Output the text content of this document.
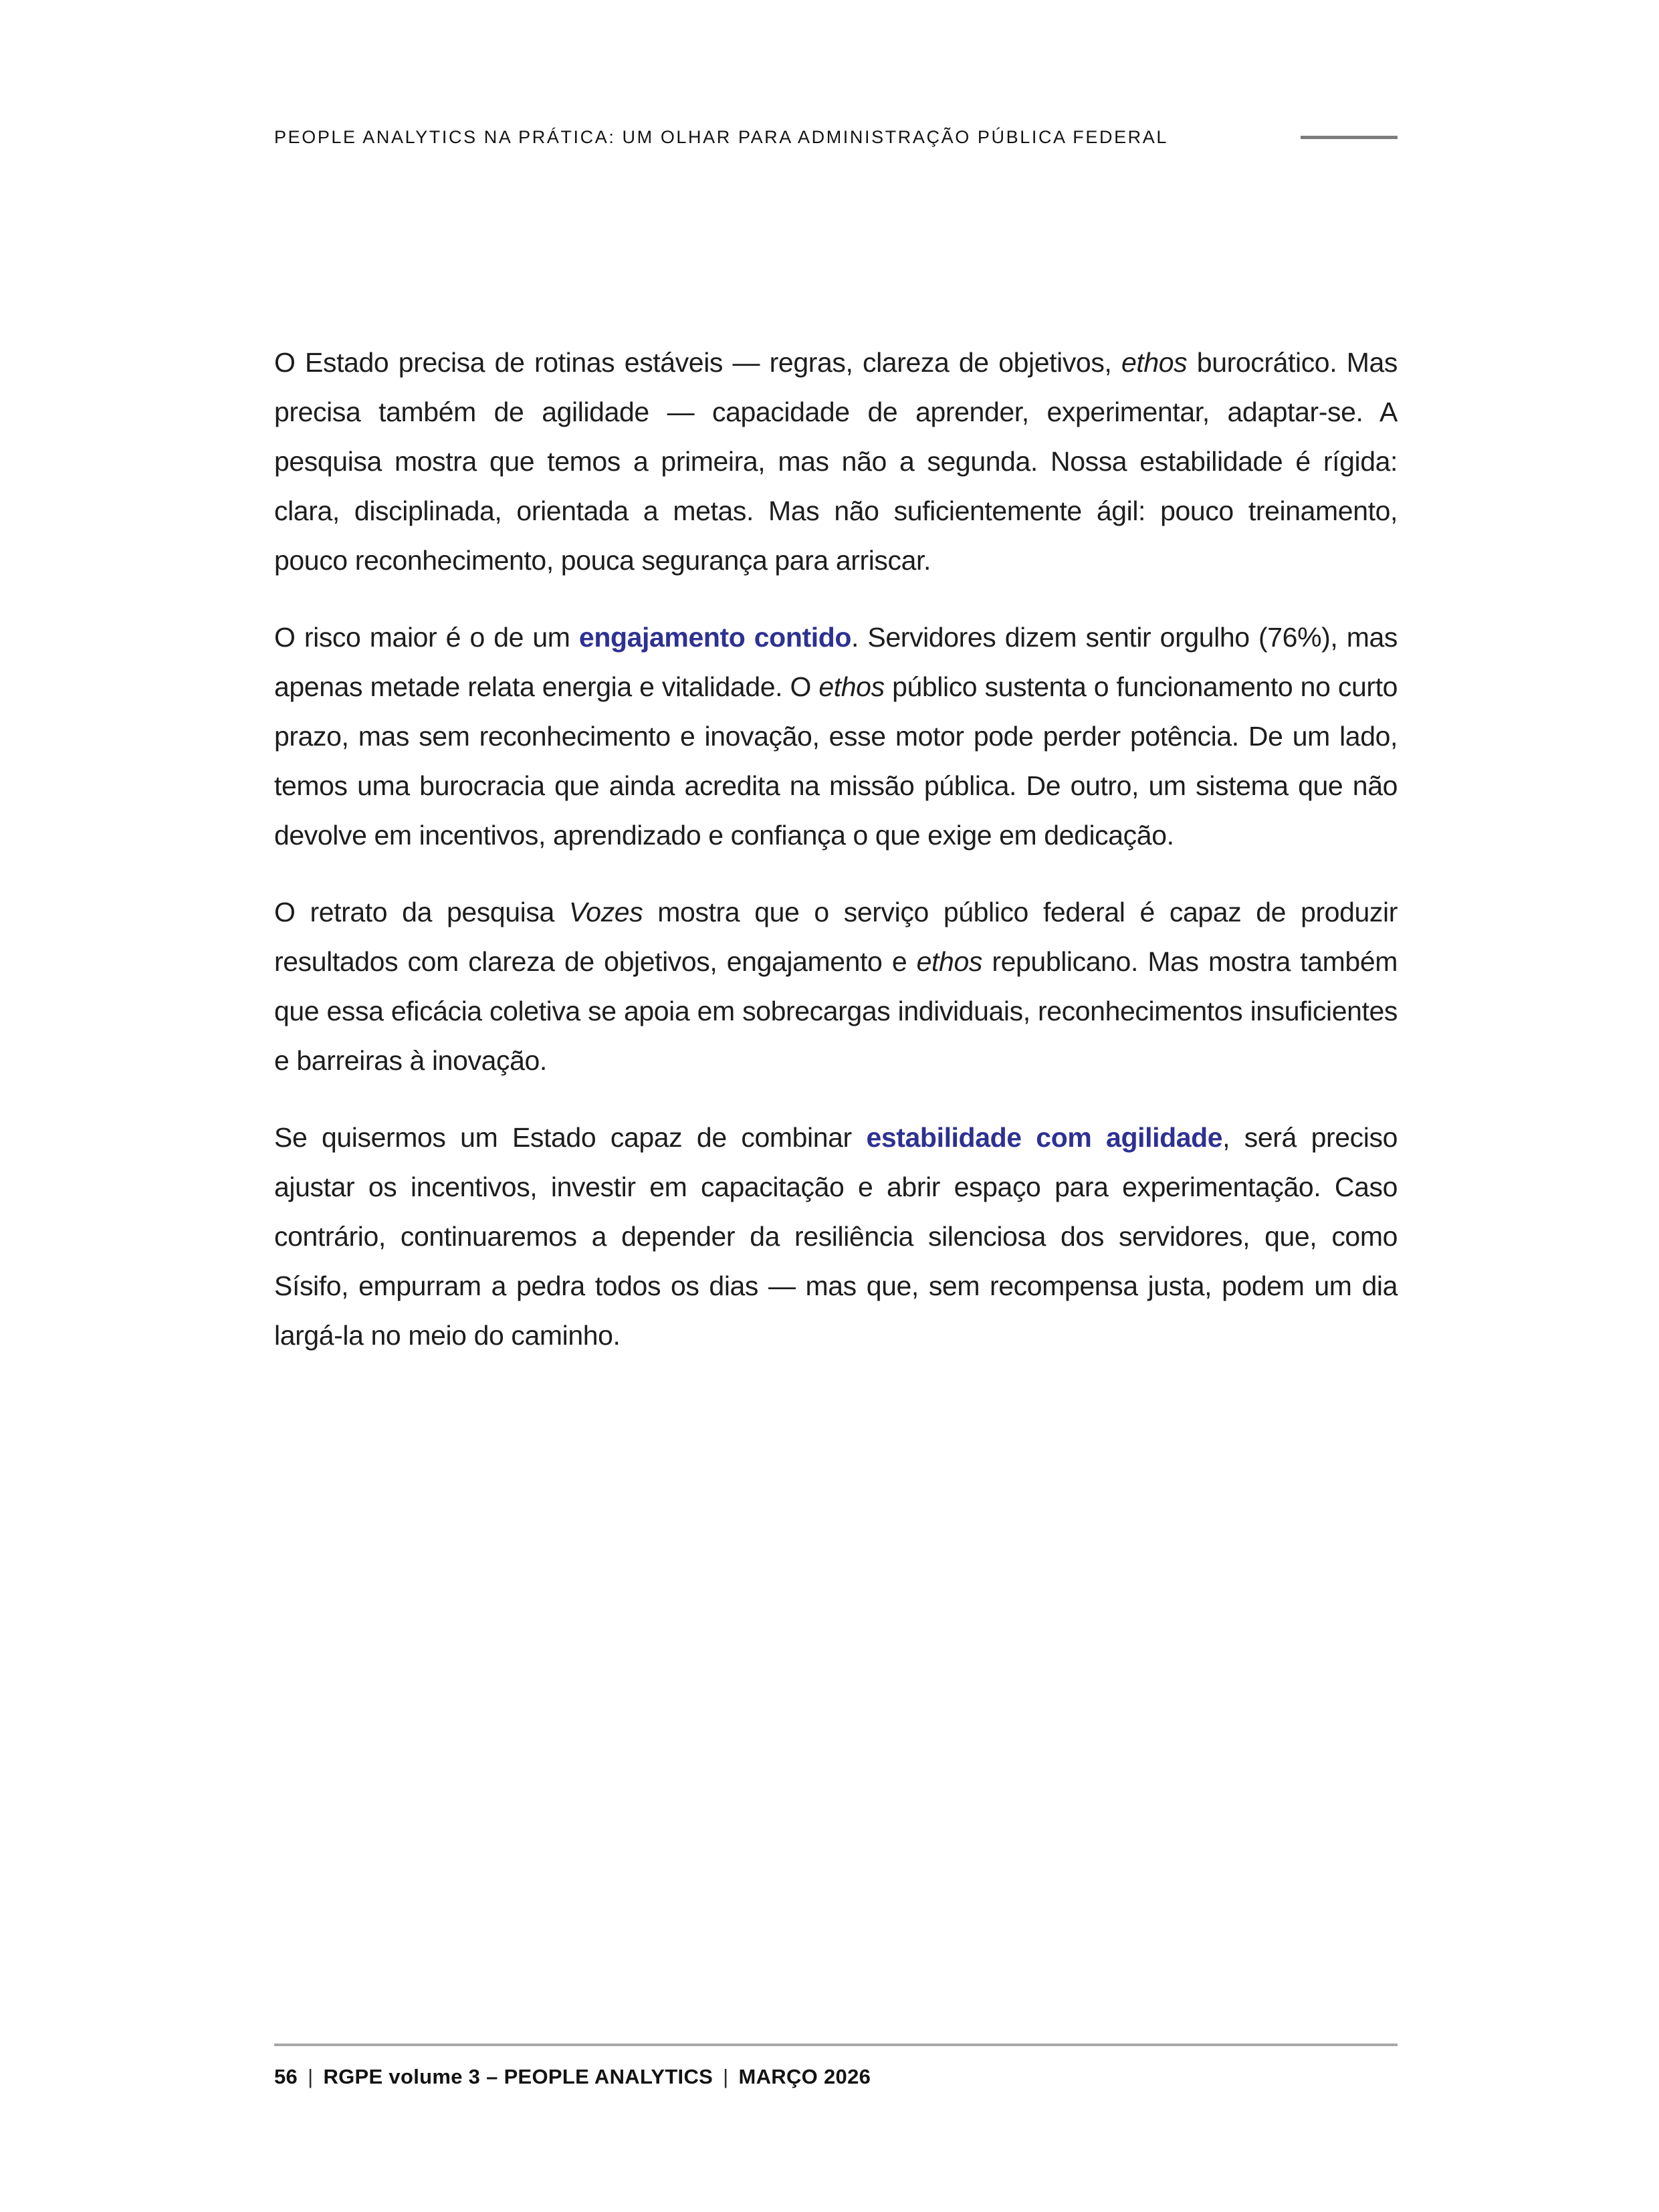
PEOPLE ANALYTICS NA PRÁTICA: UM OLHAR PARA ADMINISTRAÇÃO PÚBLICA FEDERAL

O Estado precisa de rotinas estáveis — regras, clareza de objetivos, ethos burocrático. Mas precisa também de agilidade — capacidade de aprender, experimentar, adaptar-se. A pesquisa mostra que temos a primeira, mas não a segunda. Nossa estabilidade é rígida: clara, disciplinada, orientada a metas. Mas não suficientemente ágil: pouco treinamento, pouco reconhecimento, pouca segurança para arriscar.

O risco maior é o de um engajamento contido. Servidores dizem sentir orgulho (76%), mas apenas metade relata energia e vitalidade. O ethos público sustenta o funcionamento no curto prazo, mas sem reconhecimento e inovação, esse motor pode perder potência. De um lado, temos uma burocracia que ainda acredita na missão pública. De outro, um sistema que não devolve em incentivos, aprendizado e confiança o que exige em dedicação.

O retrato da pesquisa Vozes mostra que o serviço público federal é capaz de produzir resultados com clareza de objetivos, engajamento e ethos republicano. Mas mostra também que essa eficácia coletiva se apoia em sobrecargas individuais, reconhecimentos insuficientes e barreiras à inovação.

Se quisermos um Estado capaz de combinar estabilidade com agilidade, será preciso ajustar os incentivos, investir em capacitação e abrir espaço para experimentação. Caso contrário, continuaremos a depender da resiliência silenciosa dos servidores, que, como Sísifo, empurram a pedra todos os dias — mas que, sem recompensa justa, podem um dia largá-la no meio do caminho.

56 | RGPE volume 3 – PEOPLE ANALYTICS | MARÇO 2026
